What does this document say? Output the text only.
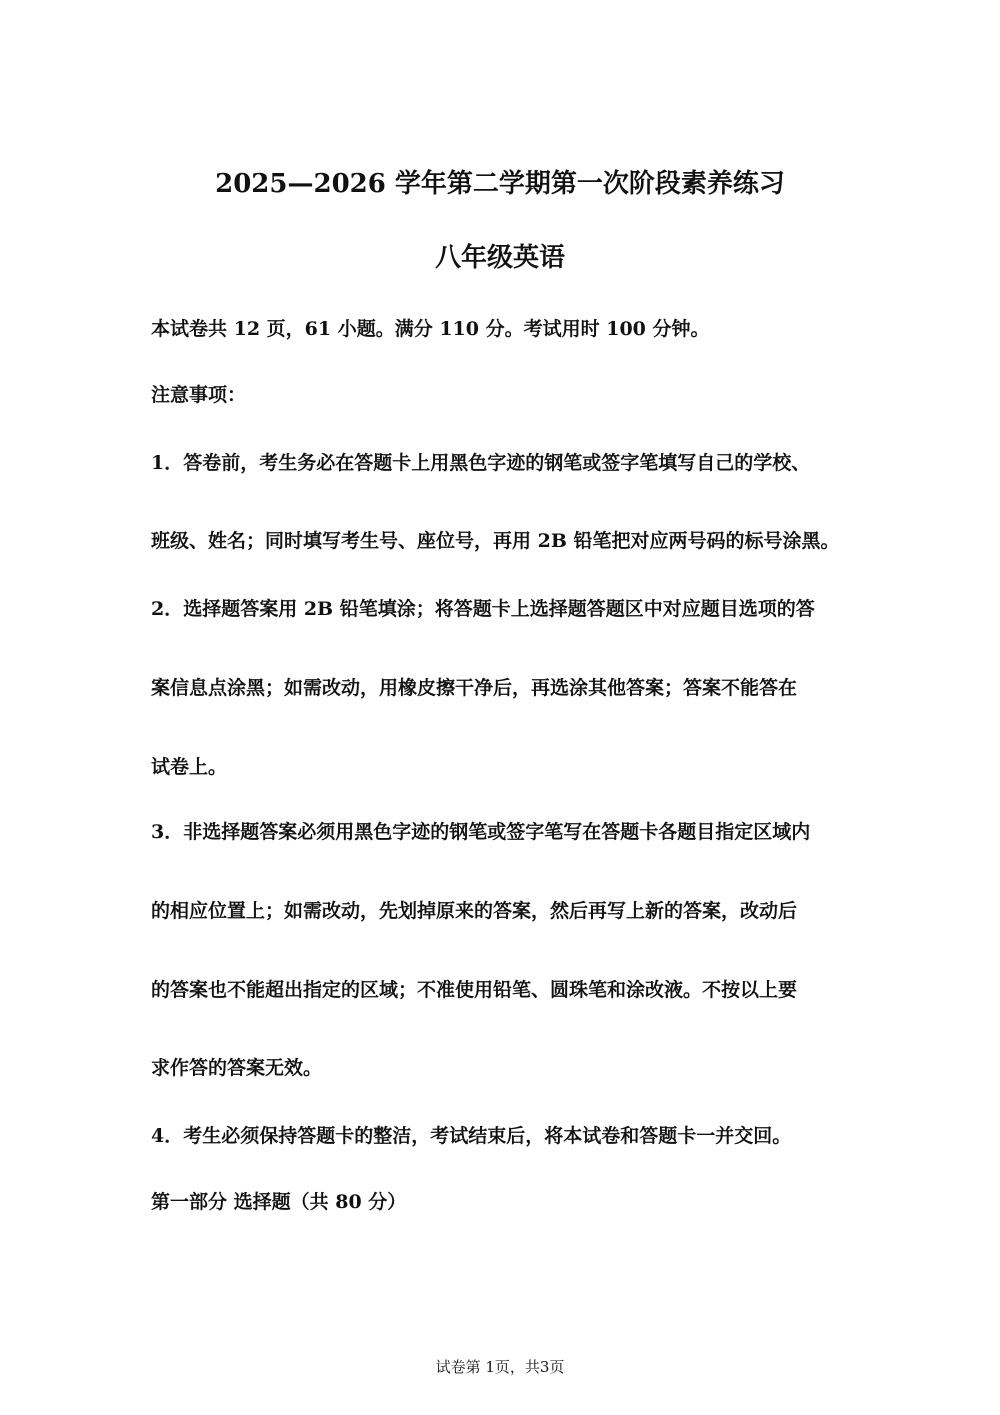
2025—2026 学年第二学期第一次阶段素养练习
八年级英语
本试卷共 12 页，61 小题。满分 110 分。考试用时 100 分钟。
注意事项：
1．答卷前，考生务必在答题卡上用黑色字迹的钢笔或签字笔填写自己的学校、
班级、姓名；同时填写考生号、座位号，再用 2B 铅笔把对应两号码的标号涂黑。
2．选择题答案用 2B 铅笔填涂；将答题卡上选择题答题区中对应题目选项的答
案信息点涂黑；如需改动，用橡皮擦干净后，再选涂其他答案；答案不能答在
试卷上。
3．非选择题答案必须用黑色字迹的钢笔或签字笔写在答题卡各题目指定区域内
的相应位置上；如需改动，先划掉原来的答案，然后再写上新的答案，改动后
的答案也不能超出指定的区域；不准使用铅笔、圆珠笔和涂改液。不按以上要
求作答的答案无效。
4．考生必须保持答题卡的整洁，考试结束后，将本试卷和答题卡一并交回。
第一部分 选择题（共 80 分）
试卷第 1页，共3页
